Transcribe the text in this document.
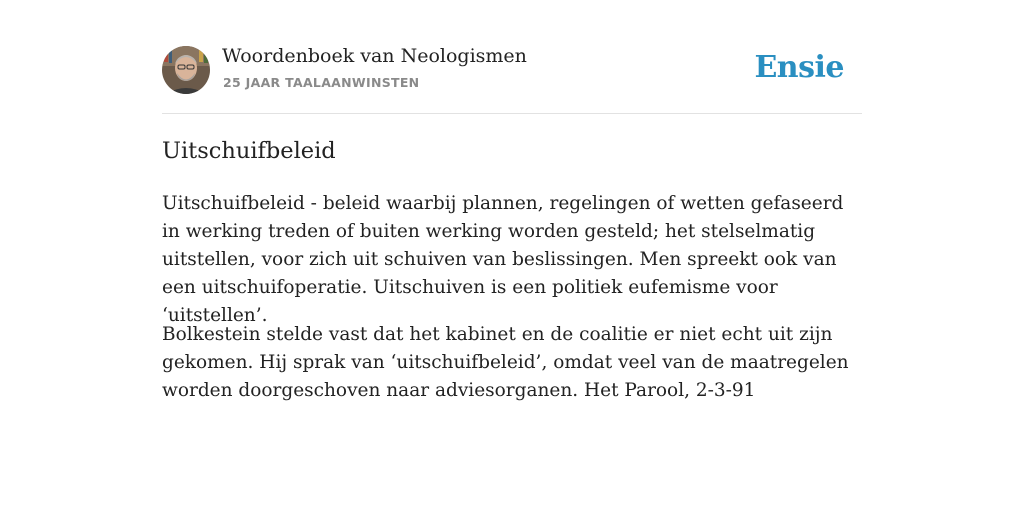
Woordenboek van Neologismen
25 JAAR TAALAANWINSTEN	Ensie
Uitschuifbeleid

Uitschuifbeleid - beleid waarbij plannen, regelingen of wetten gefaseerd in werking treden of buiten werking worden gesteld; het stelselmatig uitstellen, voor zich uit schuiven van beslissingen. Men spreekt ook van een uitschuifoperatie. Uitschuiven is een politiek eufemisme voor ‘uitstellen’.

Bolkestein stelde vast dat het kabinet en de coalitie er niet echt uit zijn gekomen. Hij sprak van ‘uitschuifbeleid’, omdat veel van de maatregelen worden doorgeschoven naar adviesorganen. Het Parool, 2-3-91
